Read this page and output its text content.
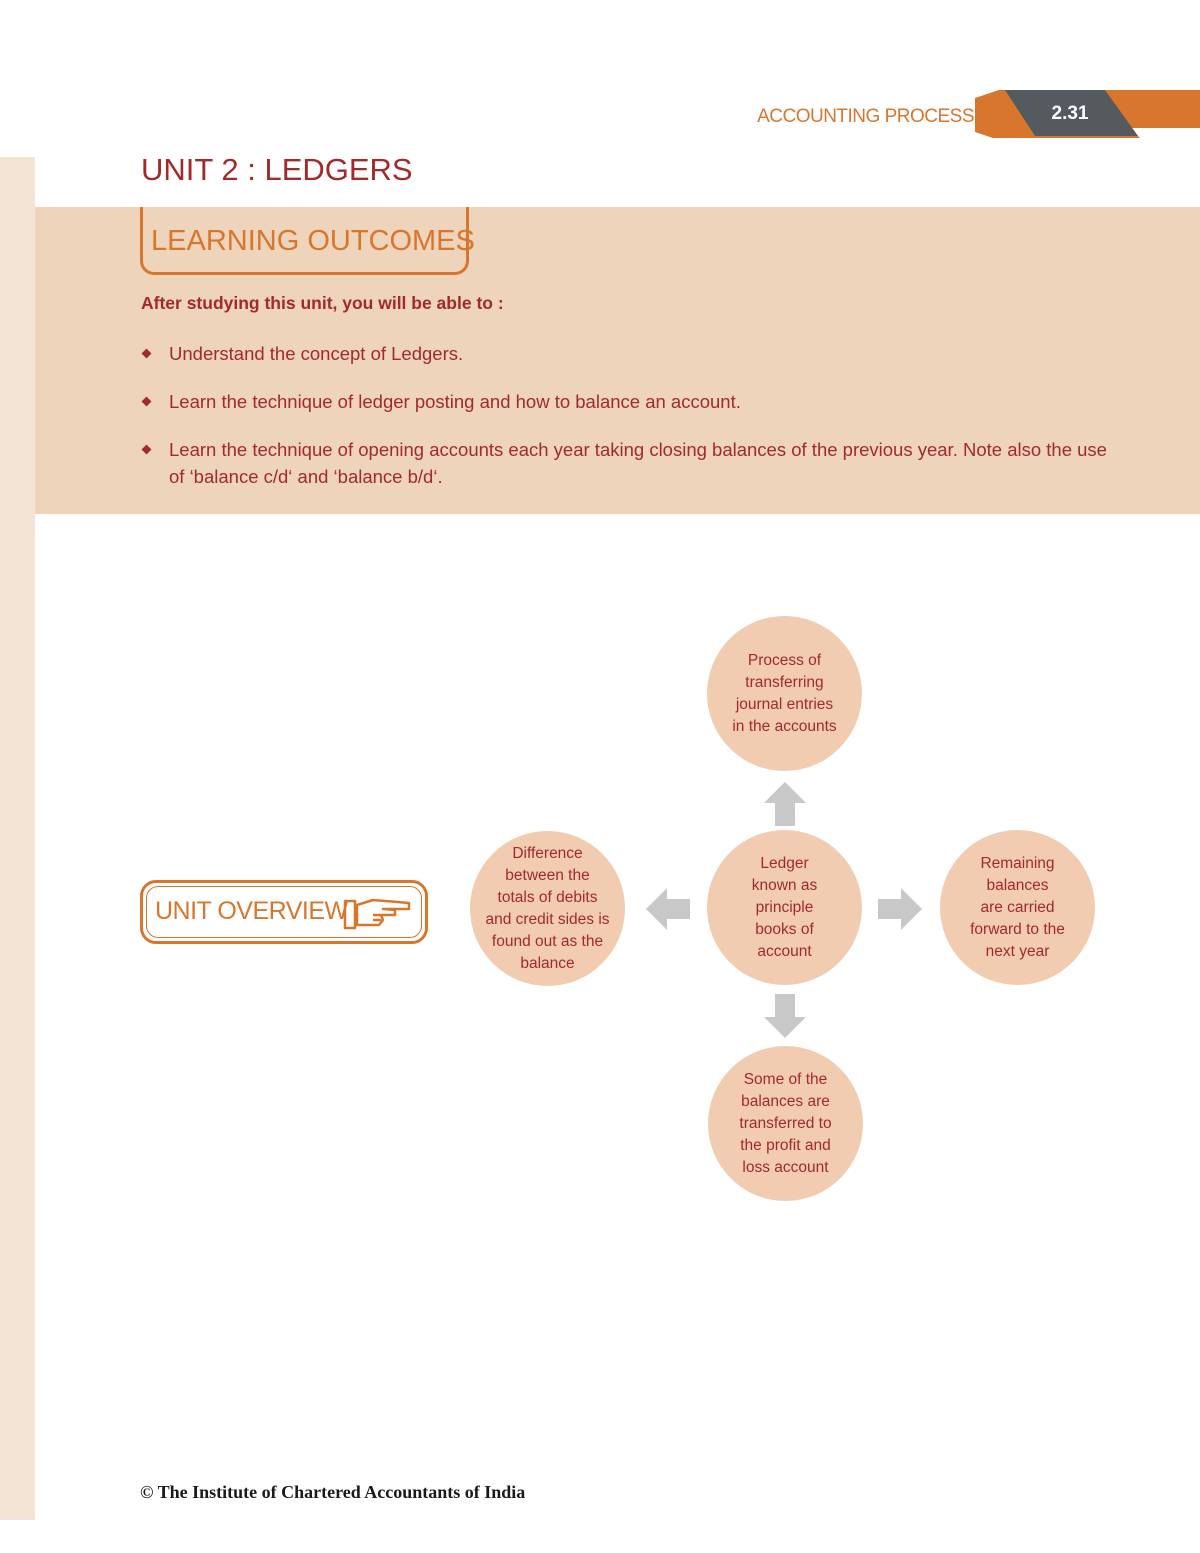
ACCOUNTING PROCESS	2.31
UNIT 2 : LEDGERS
LEARNING OUTCOMES
After studying this unit, you will be able to :
Understand the concept of Ledgers.
Learn the technique of ledger posting and how to balance an account.
Learn the technique of opening accounts each year taking closing balances of the previous year. Note also the use of ‘balance c/d‘ and ‘balance b/d‘.
UNIT OVERVIEW
Process of
transferring
journal entries
in the accounts
Ledger
known as
principle
books of
account
Difference
between the
totals of debits
and credit sides is
found out as the
balance
Remaining
balances
are carried
forward to the
next year
Some of the
balances are
transferred to
the profit and
loss account
© The Institute of Chartered Accountants of India
